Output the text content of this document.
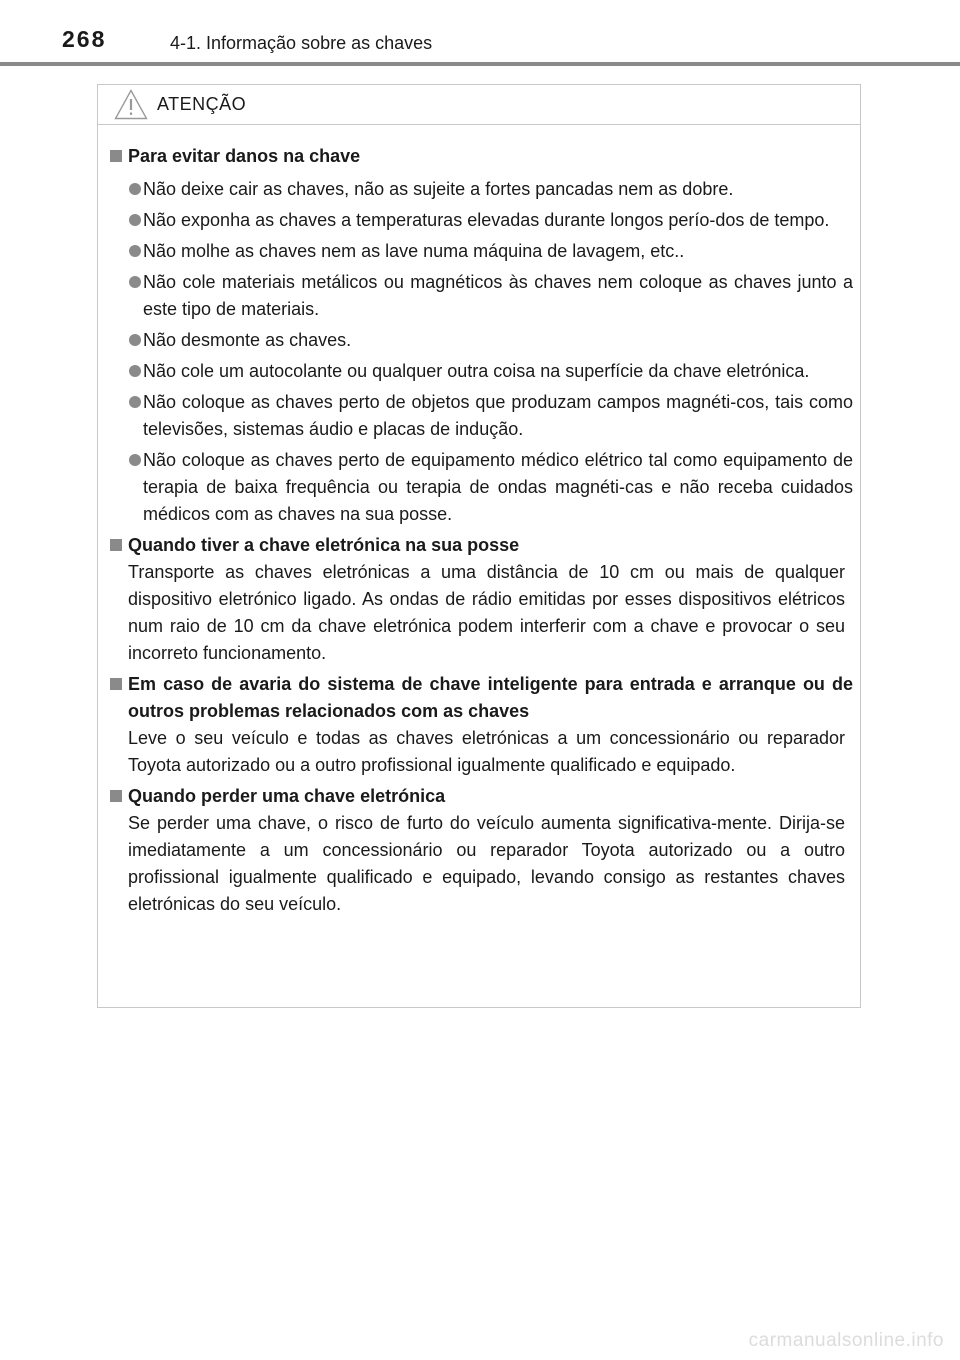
268	4-1. Informação sobre as chaves
ATENÇÃO
Para evitar danos na chave
Não deixe cair as chaves, não as sujeite a fortes pancadas nem as dobre.
Não exponha as chaves a temperaturas elevadas durante longos perío-dos de tempo.
Não molhe as chaves nem as lave numa máquina de lavagem, etc..
Não cole materiais metálicos ou magnéticos às chaves nem coloque as chaves junto a este tipo de materiais.
Não desmonte as chaves.
Não cole um autocolante ou qualquer outra coisa na superfície da chave eletrónica.
Não coloque as chaves perto de objetos que produzam campos magnéti-cos, tais como televisões, sistemas áudio e placas de indução.
Não coloque as chaves perto de equipamento médico elétrico tal como equipamento de terapia de baixa frequência ou terapia de ondas magnéti-cas e não receba cuidados médicos com as chaves na sua posse.
Quando tiver a chave eletrónica na sua posse
Transporte as chaves eletrónicas a uma distância de 10 cm ou mais de qualquer dispositivo eletrónico ligado. As ondas de rádio emitidas por esses dispositivos elétricos num raio de 10 cm da chave eletrónica podem interferir com a chave e provocar o seu incorreto funcionamento.
Em caso de avaria do sistema de chave inteligente para entrada e arranque ou de outros problemas relacionados com as chaves
Leve o seu veículo e todas as chaves eletrónicas a um concessionário ou reparador Toyota autorizado ou a outro profissional igualmente qualificado e equipado.
Quando perder uma chave eletrónica
Se perder uma chave, o risco de furto do veículo aumenta significativa-mente. Dirija-se imediatamente a um concessionário ou reparador Toyota autorizado ou a outro profissional igualmente qualificado e equipado, levando consigo as restantes chaves eletrónicas do seu veículo.
carmanualsonline.info
